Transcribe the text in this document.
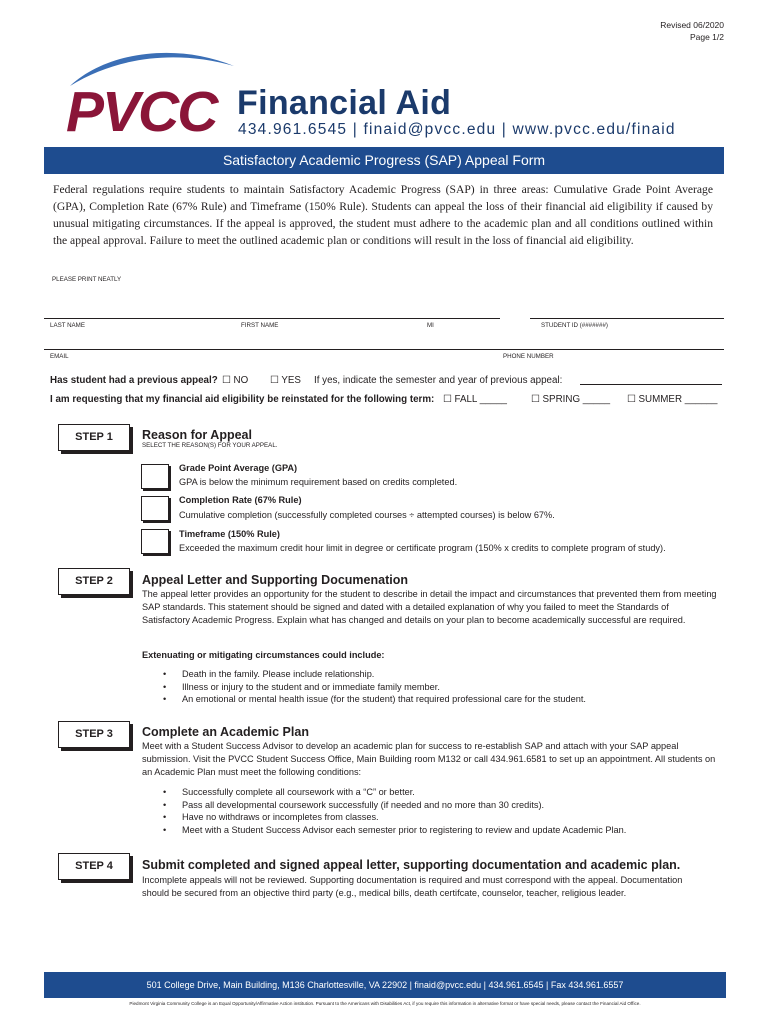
Revised 06/2020
Page 1/2
PVCC Financial Aid
434.961.6545 | finaid@pvcc.edu | www.pvcc.edu/finaid
Satisfactory Academic Progress (SAP) Appeal Form
Federal regulations require students to maintain Satisfactory Academic Progress (SAP) in three areas: Cumulative Grade Point Average (GPA), Completion Rate (67% Rule) and Timeframe (150% Rule). Students can appeal the loss of their financial aid eligibility if caused by unusual mitigating circumstances. If the appeal is approved, the student must adhere to the academic plan and all conditions outlined within the appeal approval. Failure to meet the outlined academic plan or conditions will result in the loss of financial aid eligibility.
PLEASE PRINT NEATLY
LAST NAME	FIRST NAME	MI	STUDENT ID (#######)
EMAIL	PHONE NUMBER
Has student had a previous appeal? ☐ NO ☐ YES If yes, indicate the semester and year of previous appeal:
I am requesting that my financial aid eligibility be reinstated for the following term: ☐ FALL _____ ☐ SPRING _____ ☐ SUMMER ______
STEP 1	Reason for Appeal
SELECT THE REASON(S) FOR YOUR APPEAL.
Grade Point Average (GPA)
GPA is below the minimum requirement based on credits completed.
Completion Rate (67% Rule)
Cumulative completion (successfully completed courses ÷ attempted courses) is below 67%.
Timeframe (150% Rule)
Exceeded the maximum credit hour limit in degree or certificate program (150% x credits to complete program of study).
STEP 2	Appeal Letter and Supporting Documenation
The appeal letter provides an opportunity for the student to describe in detail the impact and circumstances that prevented them from meeting SAP standards. This statement should be signed and dated with a detailed explanation of why you failed to meet the Standards of Satisfactory Academic Progress. Explain what has changed and details on your plan to become academically successful are required.
Extenuating or mitigating circumstances could include:
• Death in the family. Please include relationship.
• Illness or injury to the student and or immediate family member.
• An emotional or mental health issue (for the student) that required professional care for the student.
STEP 3	Complete an Academic Plan
Meet with a Student Success Advisor to develop an academic plan for success to re-establish SAP and attach with your SAP appeal submission. Visit the PVCC Student Success Office, Main Building room M132 or call 434.961.6581 to set up an appointment. All students on an Academic Plan must meet the following conditions:
• Successfully complete all coursework with a “C” or better.
• Pass all developmental coursework successfully (if needed and no more than 30 credits).
• Have no withdraws or incompletes from classes.
• Meet with a Student Success Advisor each semester prior to registering to review and update Academic Plan.
STEP 4	Submit completed and signed appeal letter, supporting documentation and academic plan.
Incomplete appeals will not be reviewed. Supporting documentation is required and must correspond with the appeal. Documentation should be secured from an objective third party (e.g., medical bills, death certifcate, counselor, teacher, religious leader.
501 College Drive, Main Building, M136 Charlottesville, VA 22902 | finaid@pvcc.edu | 434.961.6545 | Fax 434.961.6557
Piedmont Virginia Community College is an Equal Opportunity/Affirmative Action institution. Pursuant to the Americans with Disabilities Act, if you require this information in alternative format or have special needs, please contact the Financial Aid Office.
